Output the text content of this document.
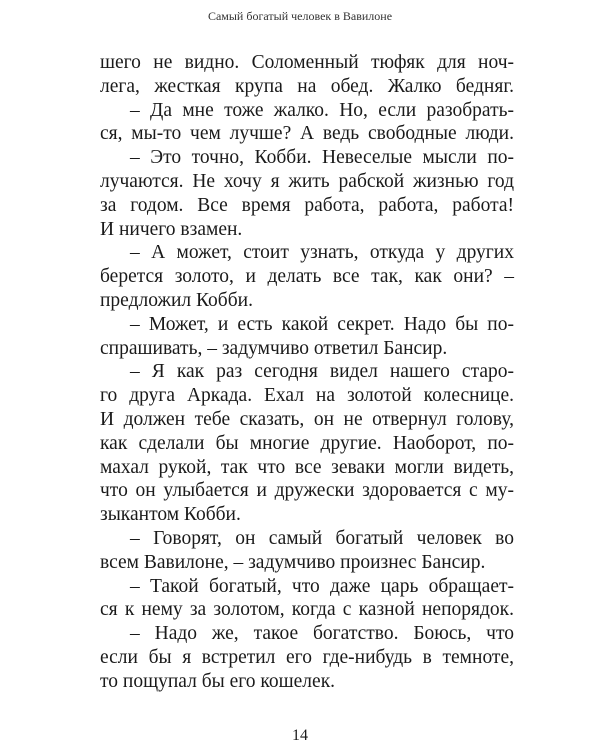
Самый богатый человек в Вавилоне
шего не видно. Соломенный тюфяк для ноч-
лега, жесткая крупа на обед. Жалко бедняг.
– Да мне тоже жалко. Но, если разобрать-
ся, мы-то чем лучше? А ведь свободные люди.
– Это точно, Кобби. Невеселые мысли по-
лучаются. Не хочу я жить рабской жизнью год
за годом. Все время работа, работа, работа!
И ничего взамен.
– А может, стоит узнать, откуда у других
берется золото, и делать все так, как они? –
предложил Кобби.
– Может, и есть какой секрет. Надо бы по-
спрашивать, – задумчиво ответил Бансир.
– Я как раз сегодня видел нашего старо-
го друга Аркада. Ехал на золотой колеснице.
И должен тебе сказать, он не отвернул голову,
как сделали бы многие другие. Наоборот, по-
махал рукой, так что все зеваки могли видеть,
что он улыбается и дружески здоровается с му-
зыкантом Кобби.
– Говорят, он самый богатый человек во
всем Вавилоне, – задумчиво произнес Бансир.
– Такой богатый, что даже царь обращает-
ся к нему за золотом, когда с казной непорядок.
– Надо же, такое богатство. Боюсь, что
если бы я встретил его где-нибудь в темноте,
то пощупал бы его кошелек.
14
